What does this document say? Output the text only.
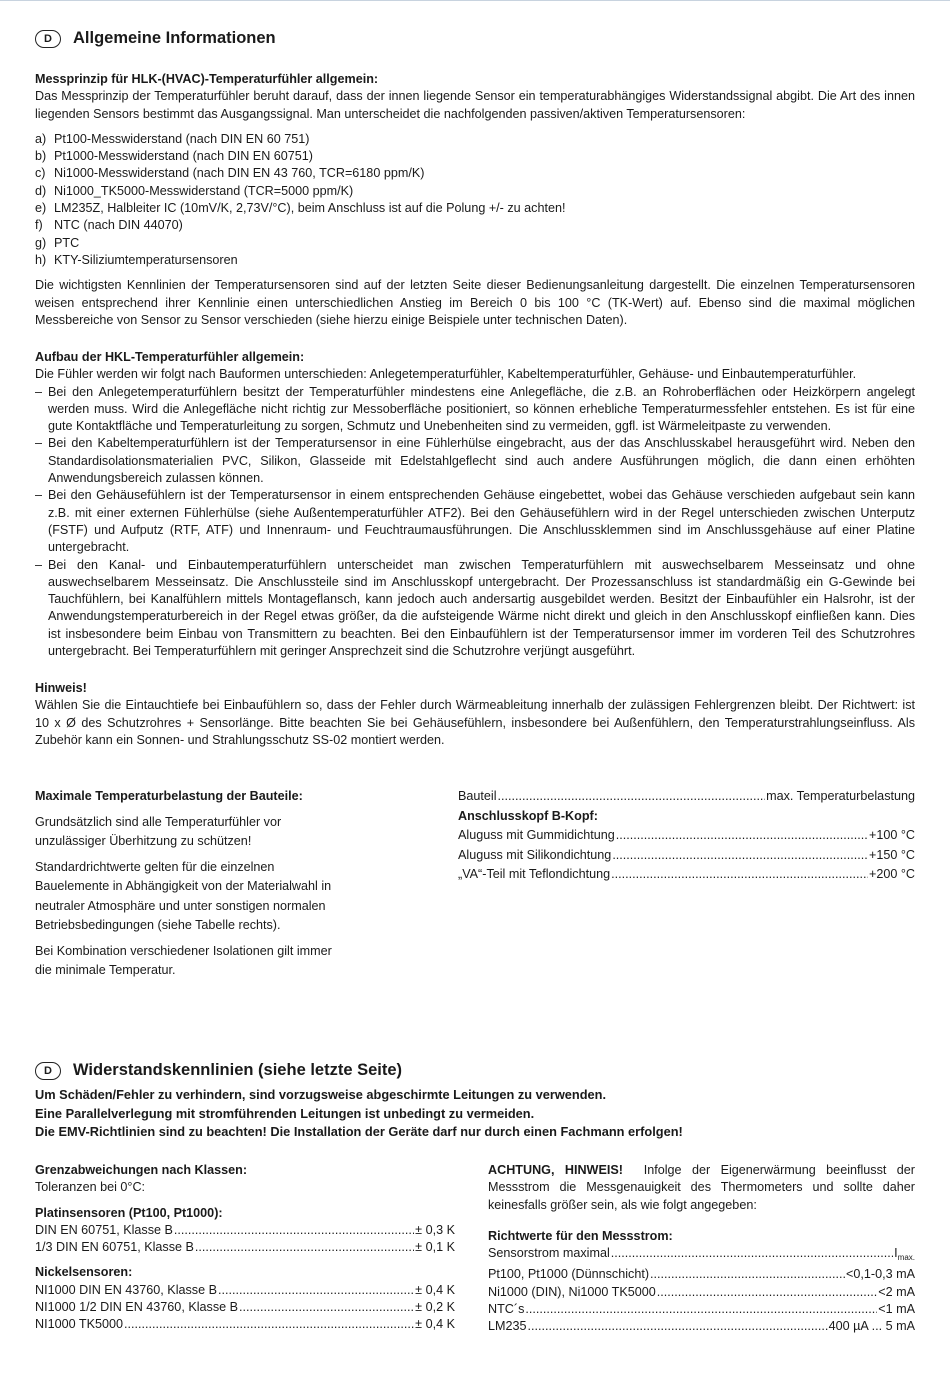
D	Allgemeine Informationen

Messprinzip für HLK-(HVAC)-Temperaturfühler allgemein:

Das Messprinzip der Temperaturfühler beruht darauf, dass der innen liegende Sensor ein temperaturabhängiges Widerstandssignal abgibt. Die Art des innen liegenden Sensors bestimmt das Ausgangssignal. Man unterscheidet die nachfolgenden passiven/aktiven Temperatursensoren:

a) Pt100-Messwiderstand (nach DIN EN 60 751)
b) Pt1000-Messwiderstand (nach DIN EN 60751)
c) Ni1000-Messwiderstand (nach DIN EN 43 760, TCR=6180 ppm/K)
d) Ni1000_TK5000-Messwiderstand (TCR=5000 ppm/K)
e) LM235Z, Halbleiter IC (10mV/K, 2,73V/°C), beim Anschluss ist auf die Polung +/- zu achten!
f) NTC (nach DIN 44070)
g) PTC
h) KTY-Siliziumtemperatursensoren

Die wichtigsten Kennlinien der Temperatursensoren sind auf der letzten Seite dieser Bedienungsanleitung dargestellt. Die einzelnen Temperatursensoren weisen entsprechend ihrer Kennlinie einen unterschiedlichen Anstieg im Bereich 0 bis 100 °C (TK-Wert) auf. Ebenso sind die maximal möglichen Messbereiche von Sensor zu Sensor verschieden (siehe hierzu einige Beispiele unter technischen Daten).

Aufbau der HKL-Temperaturfühler allgemein:

Die Fühler werden wir folgt nach Bauformen unterschieden: Anlegetemperaturfühler, Kabeltemperaturfühler, Gehäuse- und Einbautemperaturfühler.

– Bei den Anlegetemperaturfühlern besitzt der Temperaturfühler mindestens eine Anlegefläche, die z.B. an Rohroberflächen oder Heizkörpern angelegt werden muss. Wird die Anlegefläche nicht richtig zur Messoberfläche positioniert, so können erhebliche Temperaturmessfehler entstehen. Es ist für eine gute Kontaktfläche und Temperaturleitung zu sorgen, Schmutz und Unebenheiten sind zu vermeiden, ggfl. ist Wärmeleitpaste zu verwenden.
– Bei den Kabeltemperaturfühlern ist der Temperatursensor in eine Fühlerhülse eingebracht, aus der das Anschlusskabel herausgeführt wird. Neben den Standardisolationsmaterialien PVC, Silikon, Glasseide mit Edelstahlgeflecht sind auch andere Ausführungen möglich, die dann einen erhöhten Anwendungsbereich zulassen können.
– Bei den Gehäusefühlern ist der Temperatursensor in einem entsprechenden Gehäuse eingebettet, wobei das Gehäuse verschieden aufgebaut sein kann z.B. mit einer externen Fühlerhülse (siehe Außentemperaturfühler ATF2). Bei den Gehäusefühlern wird in der Regel unterschieden zwischen Unterputz (FSTF) und Aufputz (RTF, ATF) und Innenraum- und Feuchtraumausführungen. Die Anschlussklemmen sind im Anschlussgehäuse auf einer Platine untergebracht.
– Bei den Kanal- und Einbautemperaturfühlern unterscheidet man zwischen Temperaturfühlern mit auswechselbarem Messeinsatz und ohne auswechselbarem Messeinsatz. Die Anschlussteile sind im Anschlusskopf untergebracht. Der Prozessanschluss ist standardmäßig ein G-Gewinde bei Tauchfühlern, bei Kanalfühlern mittels Montageflansch, kann jedoch auch andersartig ausgebildet werden. Besitzt der Einbaufühler ein Halsrohr, ist der Anwendungstemperaturbereich in der Regel etwas größer, da die aufsteigende Wärme nicht direkt und gleich in den Anschlusskopf einfließen kann. Dies ist insbesondere beim Einbau von Transmittern zu beachten. Bei den Einbaufühlern ist der Temperatursensor immer im vorderen Teil des Schutzrohres untergebracht. Bei Temperaturfühlern mit geringer Ansprechzeit sind die Schutzrohre verjüngt ausgeführt.

Hinweis!

Wählen Sie die Eintauchtiefe bei Einbaufühlern so, dass der Fehler durch Wärmeableitung innerhalb der zulässigen Fehlergrenzen bleibt. Der Richtwert: ist 10 x Ø des Schutzrohres + Sensorlänge. Bitte beachten Sie bei Gehäusefühlern, insbesondere bei Außenfühlern, den Temperaturstrahlungseinfluss. Als Zubehör kann ein Sonnen- und Strahlungsschutz SS-02 montiert werden.

Maximale Temperaturbelastung der Bauteile:

Grundsätzlich sind alle Temperaturfühler vor unzulässiger Überhitzung zu schützen!

Standardrichtwerte gelten für die einzelnen Bauelemente in Abhängigkeit von der Materialwahl in neutraler Atmosphäre und unter sonstigen normalen Betriebsbedingungen (siehe Tabelle rechts).

Bei Kombination verschiedener Isolationen gilt immer die minimale Temperatur.

Bauteil .....	max. Temperaturbelastung

Anschlusskopf B-Kopf:

Aluguss mit Gummidichtung .....	+100 °C
Aluguss mit Silikondichtung .....	+150 °C
„VA“-Teil mit Teflondichtung .....	+200 °C
D	Widerstandskennlinien (siehe letzte Seite)

Um Schäden/Fehler zu verhindern, sind vorzugsweise abgeschirmte Leitungen zu verwenden.

Eine Parallelverlegung mit stromführenden Leitungen ist unbedingt zu vermeiden.

Die EMV-Richtlinien sind zu beachten! Die Installation der Geräte darf nur durch einen Fachmann erfolgen!

Grenzabweichungen nach Klassen:

Toleranzen bei 0°C:

Platinsensoren (Pt100, Pt1000):

DIN EN 60751, Klasse B .....	± 0,3 K
1/3 DIN EN 60751, Klasse B .....	± 0,1 K

Nickelsensoren:

NI1000 DIN EN 43760, Klasse B .....	± 0,4 K
NI1000 1/2 DIN EN 43760, Klasse B .....	± 0,2 K
NI1000 TK5000 .....	± 0,4 K

ACHTUNG, HINWEIS! Infolge der Eigenerwärmung beeinflusst der Messstrom die Messgenauigkeit des Thermometers und sollte daher keinesfalls größer sein, als wie folgt angegeben:

Richtwerte für den Messstrom:

Sensorstrom maximal .....	$I_{max.}$
Pt100, Pt1000 (Dünnschicht) .....	<0,1-0,3 mA
Ni1000 (DIN), Ni1000 TK5000 .....	<2 mA
NTC´s .....	<1 mA
LM235 .....	400 µA ... 5 mA
